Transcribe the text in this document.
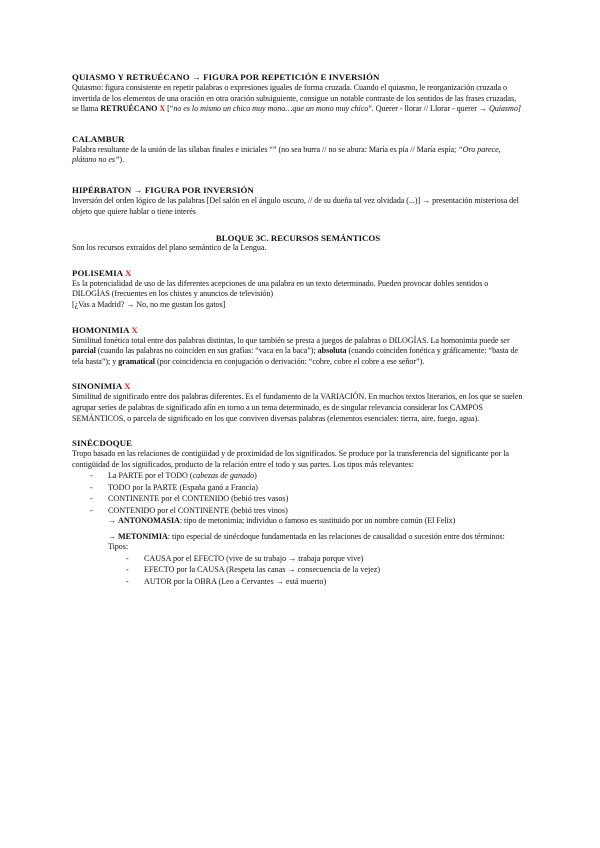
QUIASMO Y RETRUÉCANO → FIGURA POR REPETICIÓN E INVERSIÓN
Quiasmo: figura consistente en repetir palabras o expresiones iguales de forma cruzada. Cuando el quiasmo, le reorganización cruzada o invertida de los elementos de una oración en otra oración subsiguiente, consigue un notable contraste de los sentidos de las frases cruzadas, se llama RETRUÉCANO X [“no es lo mismo un chico muy mono…que un mono muy chico”. Querer - llorar // Llorar - querer → Quiasmo]
CALAMBUR
Palabra resultante de la unión de las sílabas finales e iniciales “” (no sea burra // no se abura: María es pía // María espía; “Oro parece, plátano no es”).
HIPÉRBATON → FIGURA POR INVERSIÓN
Inversión del orden lógico de las palabras [Del salón en el ángulo oscuro, // de su dueña tal vez olvidada (...)] → presentación misteriosa del objeto que quiere hablar o tiene interés
BLOQUE 3C. RECURSOS SEMÁNTICOS
Son los recursos extraídos del plano semántico de la Lengua.
POLISEMIA X
Es la potencialidad de uso de las diferentes acepciones de una palabra en un texto determinado. Pueden provocar dobles sentidos o DILOGÍAS (frecuentes en los chistes y anuncios de televisión)
[¿Vas a Madrid? → No, no me gustan los gatos]
HOMONIMIA X
Similitud fonética total entre dos palabras distintas, lo que también se presta a juegos de palabras o DILOGÍAS. La homonimia puede ser parcial (cuando las palabras no coinciden en sus grafías: “vaca en la baca”); absoluta (cuando coinciden fonética y gráficamente: “basta de tela basta”); y gramatical (por coincidencia en conjugación o derivación: “cobre, cobre el cobre a ese señor”).
SINONIMIA X
Similitud de significado entre dos palabras diferentes. Es el fundamento de la VARIACIÓN. En muchos textos literarios, en los que se suelen agrupar series de palabras de significado afín en torno a un tema determinado, es de singular relevancia considerar los CAMPOS SEMÁNTICOS, o parcela de significado en los que conviven diversas palabras (elementos esenciales: tierra, aire, fuego, agua).
SINÉCDOQUE
Tropo basado en las relaciones de contigüidad y de proximidad de los significados. Se produce por la transferencia del significante por la contigüidad de los significados, producto de la relación entre el todo y sus partes. Los tipos más relevantes:
- La PARTE por el TODO (cabezas de ganado)
- TODO por la PARTE (España ganó a Francia)
- CONTINENTE por el CONTENIDO (bebió tres vasos)
- CONTENIDO por el CONTINENTE (bebió tres vinos)
→ ANTONOMASIA: tipo de metonimia; individuo o famoso es sustituido por un nombre común (El Felix)
→ METONIMIA: tipo especial de sinécdoque fundamentada en las relaciones de causalidad o sucesión entre dos términos: Tipos:
- CAUSA por el EFECTO (vive de su trabajo → trabaja porque vive)
- EFECTO por la CAUSA (Respeta las canas → consecuencia de la vejez)
- AUTOR por la OBRA (Leo a Cervantes → está muerto)
